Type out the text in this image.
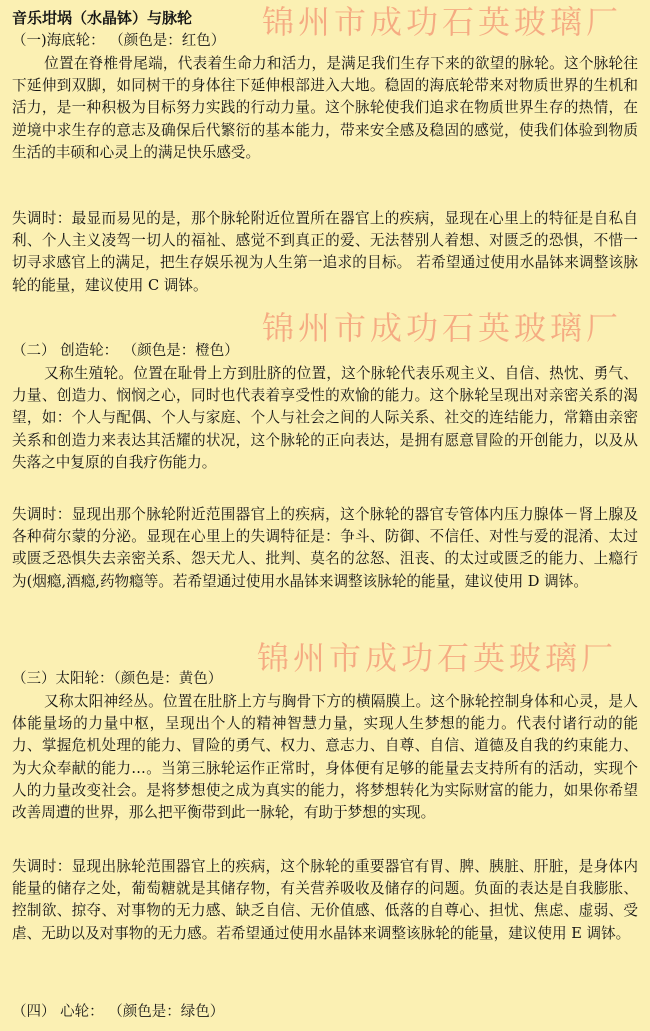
锦州市成功石英玻璃厂
锦州市成功石英玻璃厂
锦州市成功石英玻璃厂
音乐坩埚（水晶钵）与脉轮
（一)海底轮： （颜色是：红色）

位置在脊椎骨尾端，代表着生命力和活力，是满足我们生存下来的欲望的脉轮。这个脉轮往下延伸到双脚，如同树干的身体往下延伸根部进入大地。稳固的海底轮带来对物质世界的生机和活力，是一种积极为目标努力实践的行动力量。这个脉轮使我们追求在物质世界生存的热情，在逆境中求生存的意志及确保后代繁衍的基本能力，带来安全感及稳固的感觉，使我们体验到物质生活的丰硕和心灵上的满足快乐感受。

失调时：最显而易见的是，那个脉轮附近位置所在器官上的疾病，显现在心里上的特征是自私自利、个人主义凌驾一切人的福祉、感觉不到真正的爱、无法替别人着想、对匮乏的恐惧，不惜一切寻求感官上的满足，把生存娱乐视为人生第一追求的目标。 若希望通过使用水晶钵来调整该脉轮的能量，建议使用 C 调钵。

（二） 创造轮： （颜色是：橙色）

又称生殖轮。位置在耻骨上方到肚脐的位置，这个脉轮代表乐观主义、自信、热忱、勇气、力量、创造力、悯悯之心，同时也代表着享受性的欢愉的能力。这个脉轮呈现出对亲密关系的渴望，如：个人与配偶、个人与家庭、个人与社会之间的人际关系、社交的连结能力，常籍由亲密关系和创造力来表达其活耀的状况，这个脉轮的正向表达，是拥有愿意冒险的开创能力，以及从失落之中复原的自我疗伤能力。

失调时：显现出那个脉轮附近范围器官上的疾病，这个脉轮的器官专管体内压力腺体－肾上腺及各种荷尔蒙的分泌。显现在心里上的失调特征是：争斗、防御、不信任、对性与爱的混淆、太过或匮乏恐惧失去亲密关系、怨天尤人、批判、莫名的忿怒、沮丧、的太过或匮乏的能力、上瘾行为(烟瘾,酒瘾,药物瘾等。若希望通过使用水晶钵来调整该脉轮的能量，建议使用 D 调钵。

（三）太阳轮：（颜色是：黄色）

又称太阳神经丛。位置在肚脐上方与胸骨下方的横隔膜上。这个脉轮控制身体和心灵，是人体能量场的力量中枢，呈现出个人的精神智慧力量，实现人生梦想的能力。代表付诸行动的能力、掌握危机处理的能力、冒险的勇气、权力、意志力、自尊、自信、道德及自我的约束能力、为大众奉献的能力…。当第三脉轮运作正常时，身体便有足够的能量去支持所有的活动，实现个人的力量改变社会。是将梦想使之成为真实的能力，将梦想转化为实际财富的能力，如果你希望改善周遭的世界，那么把平衡带到此一脉轮，有助于梦想的实现。

失调时：显现出脉轮范围器官上的疾病，这个脉轮的重要器官有胃、脾、胰脏、肝脏，是身体内能量的储存之处，葡萄糖就是其储存物，有关营养吸收及储存的问题。负面的表达是自我膨胀、控制欲、掠夺、对事物的无力感、缺乏自信、无价值感、低落的自尊心、担忧、焦虑、虚弱、受虐、无助以及对事物的无力感。若希望通过使用水晶钵来调整该脉轮的能量，建议使用 E 调钵。

（四） 心轮： （颜色是：绿色）
